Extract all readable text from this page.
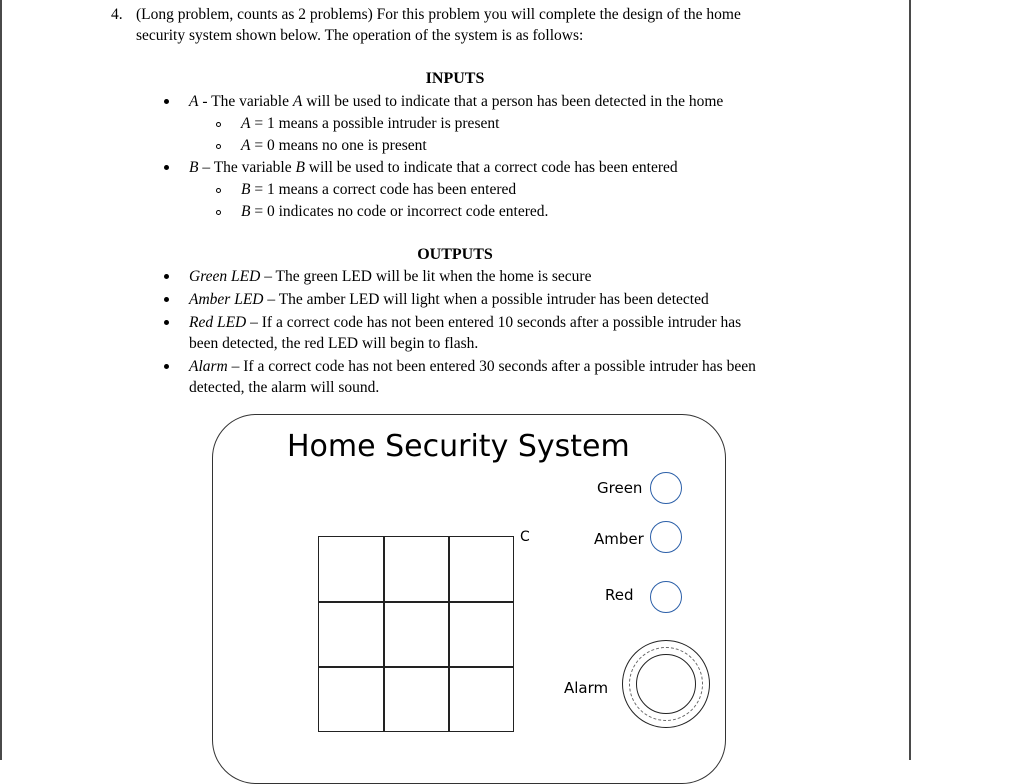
4. (Long problem, counts as 2 problems) For this problem you will complete the design of the home
security system shown below. The operation of the system is as follows:
INPUTS
A - The variable A will be used to indicate that a person has been detected in the home
A = 1 means a possible intruder is present
A = 0 means no one is present
B – The variable B will be used to indicate that a correct code has been entered
B = 1 means a correct code has been entered
B = 0 indicates no code or incorrect code entered.
OUTPUTS
Green LED – The green LED will be lit when the home is secure
Amber LED – The amber LED will light when a possible intruder has been detected
Red LED – If a correct code has not been entered 10 seconds after a possible intruder has
been detected, the red LED will begin to flash.
Alarm – If a correct code has not been entered 30 seconds after a possible intruder has been
detected, the alarm will sound.
Home Security System
C
Green
Amber
Red
Alarm
